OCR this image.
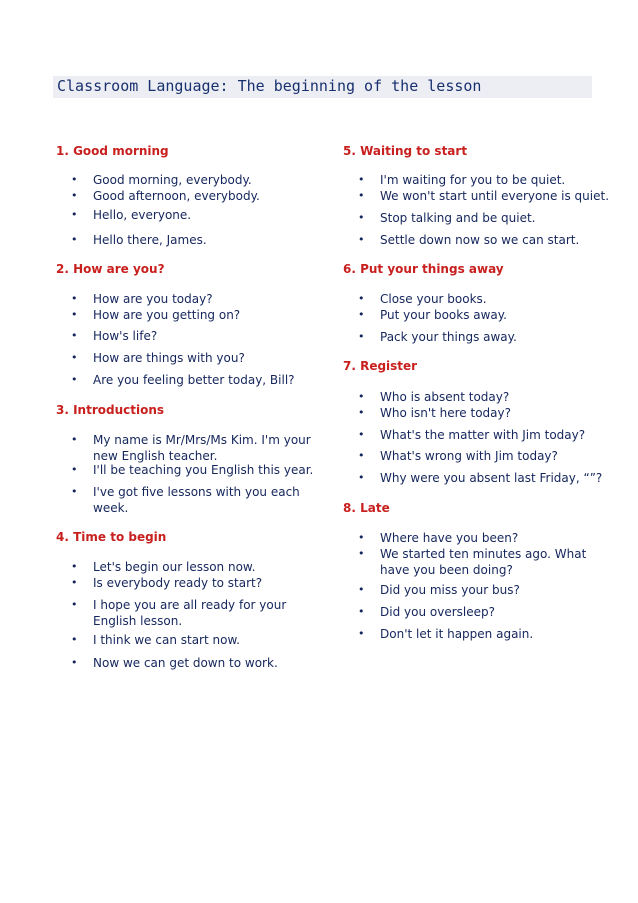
Classroom Language: The beginning of the lesson
1. Good morning
• Good morning, everybody.
• Good afternoon, everybody.
• Hello, everyone.
• Hello there, James.
2. How are you?
• How are you today?
• How are you getting on?
• How's life?
• How are things with you?
• Are you feeling better today, Bill?
3. Introductions
• My name is Mr/Mrs/Ms Kim. I'm your new English teacher.
• I'll be teaching you English this year.
• I've got five lessons with you each week.
4. Time to begin
• Let's begin our lesson now.
• Is everybody ready to start?
• I hope you are all ready for your English lesson.
• I think we can start now.
• Now we can get down to work.
5. Waiting to start
• I'm waiting for you to be quiet.
• We won't start until everyone is quiet.
• Stop talking and be quiet.
• Settle down now so we can start.
6. Put your things away
• Close your books.
• Put your books away.
• Pack your things away.
7. Register
• Who is absent today?
• Who isn't here today?
• What's the matter with Jim today?
• What's wrong with Jim today?
• Why were you absent last Friday, “”?
8. Late
• Where have you been?
• We started ten minutes ago. What have you been doing?
• Did you miss your bus?
• Did you oversleep?
• Don't let it happen again.
